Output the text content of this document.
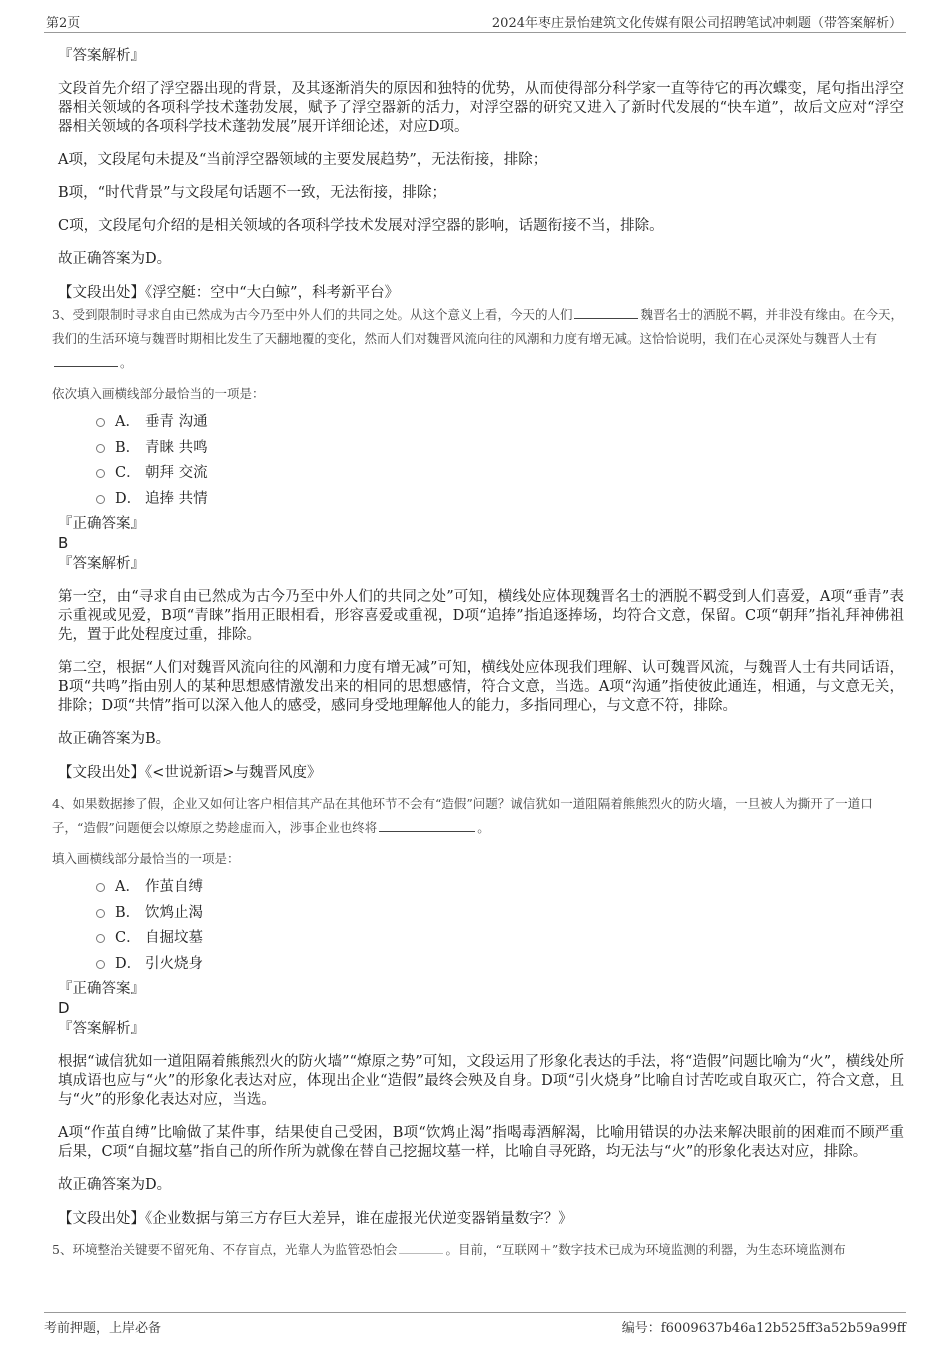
第2页	2024年枣庄景怡建筑文化传媒有限公司招聘笔试冲刺题（带答案解析）
『答案解析』
文段首先介绍了浮空器出现的背景，及其逐渐消失的原因和独特的优势，从而使得部分科学家一直等待它的再次蝶变，尾句指出浮空器相关领域的各项科学技术蓬勃发展，赋予了浮空器新的活力，对浮空器的研究又进入了新时代发展的“快车道”，故后文应对“浮空器相关领域的各项科学技术蓬勃发展”展开详细论述，对应D项。
A项，文段尾句未提及“当前浮空器领域的主要发展趋势”，无法衔接，排除；
B项，“时代背景”与文段尾句话题不一致，无法衔接，排除；
C项，文段尾句介绍的是相关领域的各项科学技术发展对浮空器的影响，话题衔接不当，排除。
故正确答案为D。
【文段出处】《浮空艇：空中“大白鲸”，科考新平台》
3、受到限制时寻求自由已然成为古今乃至中外人们的共同之处。从这个意义上看，今天的人们	魏晋名士的洒脱不羁，并非没有缘由。在今天，我们的生活环境与魏晋时期相比发生了天翻地覆的变化，然而人们对魏晋风流向往的风潮和力度有增无减。这恰恰说明，我们在心灵深处与魏晋人士有。
依次填入画横线部分最恰当的一项是：
A． 垂青 沟通
B． 青睐 共鸣
C． 朝拜 交流
D． 追捧 共情
『正确答案』
B
『答案解析』
第一空，由“寻求自由已然成为古今乃至中外人们的共同之处”可知，横线处应体现魏晋名士的洒脱不羁受到人们喜爱，A项“垂青”表示重视或见爱，B项“青睐”指用正眼相看，形容喜爱或重视，D项“追捧”指追逐捧场，均符合文意，保留。C项“朝拜”指礼拜神佛祖先，置于此处程度过重，排除。
第二空，根据“人们对魏晋风流向往的风潮和力度有增无减”可知，横线处应体现我们理解、认可魏晋风流，与魏晋人士有共同话语，B项“共鸣”指由别人的某种思想感情激发出来的相同的思想感情，符合文意，当选。A项“沟通”指使彼此通连，相通，与文意无关，排除；D项“共情”指可以深入他人的感受，感同身受地理解他人的能力，多指同理心，与文意不符，排除。
故正确答案为B。
【文段出处】《<世说新语>与魏晋风度》
4、如果数据掺了假，企业又如何让客户相信其产品在其他环节不会有“造假”问题？诚信犹如一道阻隔着熊熊烈火的防火墙，一旦被人为撕开了一道口子，“造假”问题便会以燎原之势趁虚而入，涉事企业也终将	。
填入画横线部分最恰当的一项是：
A． 作茧自缚
B． 饮鸩止渴
C． 自掘坟墓
D． 引火烧身
『正确答案』
D
『答案解析』
根据“诚信犹如一道阻隔着熊熊烈火的防火墙”“燎原之势”可知，文段运用了形象化表达的手法，将“造假”问题比喻为“火”，横线处所填成语也应与“火”的形象化表达对应，体现出企业“造假”最终会殃及自身。D项“引火烧身”比喻自讨苦吃或自取灭亡，符合文意，且与“火”的形象化表达对应，当选。
A项“作茧自缚”比喻做了某件事，结果使自己受困，B项“饮鸩止渴”指喝毒酒解渴，比喻用错误的办法来解决眼前的困难而不顾严重后果，C项“自掘坟墓”指自己的所作所为就像在替自己挖掘坟墓一样，比喻自寻死路，均无法与“火”的形象化表达对应，排除。
故正确答案为D。
【文段出处】《企业数据与第三方存巨大差异，谁在虚报光伏逆变器销量数字？》
5、环境整治关键要不留死角、不存盲点，光靠人为监管恐怕会	。目前，“互联网＋”数字技术已成为环境监测的利器，为生态环境监测布
考前押题，上岸必备	编号：f6009637b46a12b525ff3a52b59a99ff
